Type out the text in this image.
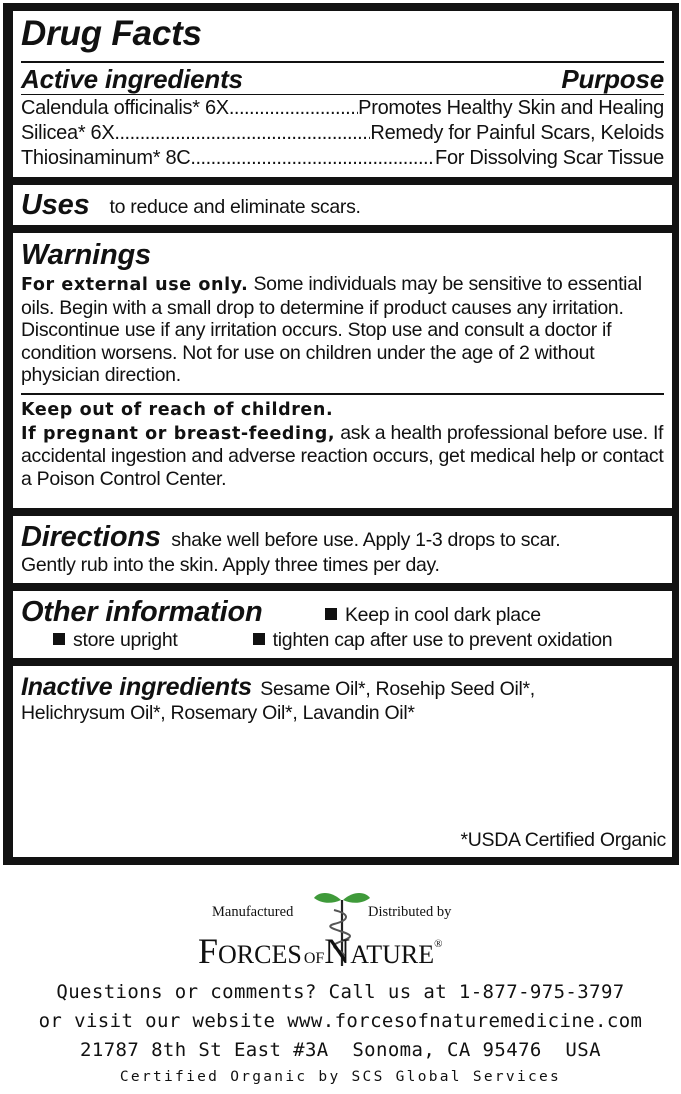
Drug Facts
Active ingredients	Purpose
Calendula officinalis* 6X .....	Promotes Healthy Skin and Healing
Silicea* 6X .....	Remedy for Painful Scars, Keloids
Thiosinaminum* 8C .....	For Dissolving Scar Tissue
Uses to reduce and eliminate scars.
Warnings
For external use only. Some individuals may be sensitive to essential oils. Begin with a small drop to determine if product causes any irritation. Discontinue use if any irritation occurs. Stop use and consult a doctor if condition worsens. Not for use on children under the age of 2 without physician direction.
Keep out of reach of children.
If pregnant or breast-feeding, ask a health professional before use. If accidental ingestion and adverse reaction occurs, get medical help or contact a Poison Control Center.
Directions shake well before use. Apply 1-3 drops to scar.
Gently rub into the skin. Apply three times per day.
Other information	Keep in cool dark place
store upright	tighten cap after use to prevent oxidation
Inactive ingredients Sesame Oil*, Rosehip Seed Oil*,
Helichrysum Oil*, Rosemary Oil*, Lavandin Oil*
*USDA Certified Organic
Manufactured	Distributed by
FORCES OFNATURE®
Questions or comments? Call us at 1-877-975-3797
or visit our website www.forcesofnaturemedicine.com
21787 8th St East #3A  Sonoma, CA 95476  USA
Certified Organic by SCS Global Services
